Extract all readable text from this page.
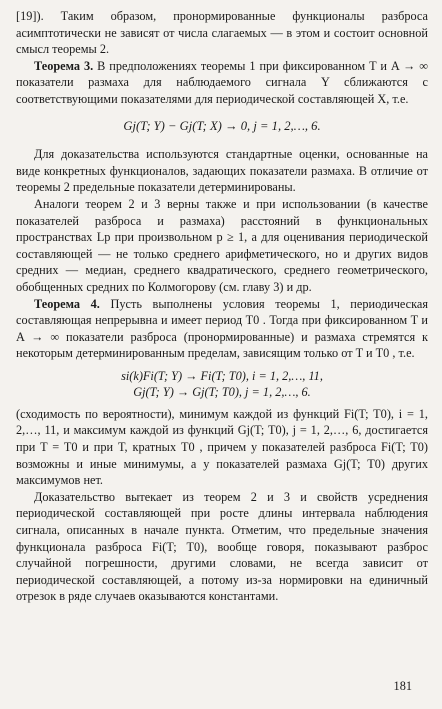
[19]). Таким образом, пронормированные функционалы разброса асимптотически не зависят от числа слагаемых — в этом и состоит основной смысл теоремы 2.

Теорема 3. В предположениях теоремы 1 при фиксированном T и A → ∞ показатели размаха для наблюдаемого сигнала Y сближаются с соответствующими показателями для периодической составляющей X, т.е.

Gj(T; Y) − Gj(T; X) → 0, j = 1, 2,…, 6.

Для доказательства используются стандартные оценки, основанные на виде конкретных функционалов, задающих показатели размаха. В отличие от теоремы 2 предельные показатели детерминированы.

Аналоги теорем 2 и 3 верны также и при использовании (в качестве показателей разброса и размаха) расстояний в функциональных пространствах Lp при произвольном p ≥ 1, а для оценивания периодической составляющей — не только среднего арифметического, но и других видов средних — медиан, среднего квадратического, среднего геометрического, обобщенных средних по Колмогорову (см. главу 3) и др.

Теорема 4. Пусть выполнены условия теоремы 1, периодическая составляющая непрерывна и имеет период T0 . Тогда при фиксированном T и A → ∞ показатели разброса (пронормированные) и размаха стремятся к некоторым детерминированным пределам, зависящим только от T и T0 , т.е.

si(k)Fi(T; Y) → Fi(T; T0), i = 1, 2,…, 11,
Gj(T; Y) → Gj(T; T0), j = 1, 2,…, 6.

(сходимость по вероятности), минимум каждой из функций Fi(T; T0), i = 1, 2,…, 11, и максимум каждой из функций Gj(T; T0), j = 1, 2,…, 6, достигается при T = T0 и при T, кратных T0 , причем у показателей разброса Fi(T; T0) возможны и иные минимумы, а у показателей размаха Gj(T; T0) других максимумов нет.

Доказательство вытекает из теорем 2 и 3 и свойств усреднения периодической составляющей при росте длины интервала наблюдения сигнала, описанных в начале пункта. Отметим, что предельные значения функционала разброса Fi(T; T0), вообще говоря, показывают разброс случайной погрешности, другими словами, не всегда зависит от периодической составляющей, а потому из-за нормировки на единичный отрезок в ряде случаев оказываются константами.

181
